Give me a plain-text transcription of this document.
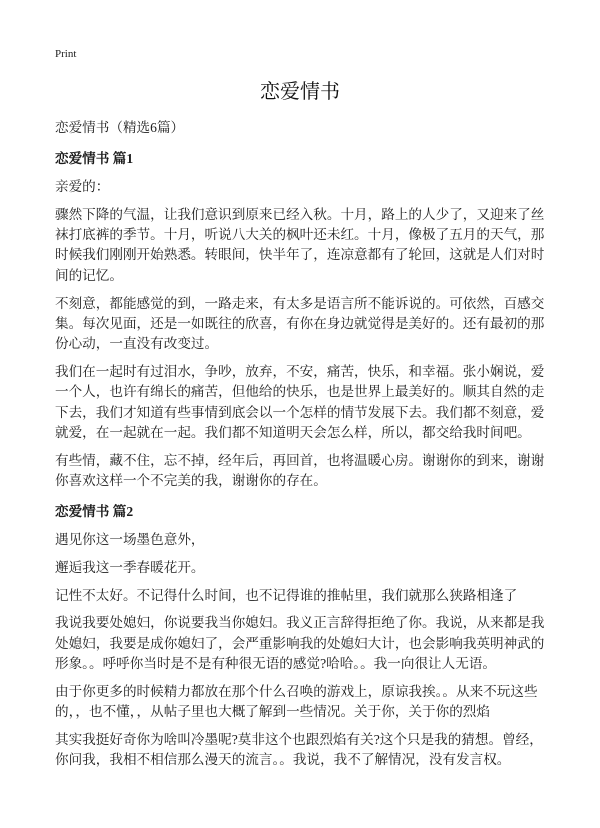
Print
恋爱情书
恋爱情书（精选6篇）
恋爱情书 篇1
亲爱的：
骤然下降的气温，让我们意识到原来已经入秋。十月，路上的人少了，又迎来了丝
袜打底裤的季节。十月，听说八大关的枫叶还未红。十月，像极了五月的天气，那
时候我们刚刚开始熟悉。转眼间，快半年了，连凉意都有了轮回，这就是人们对时
间的记忆。
不刻意，都能感觉的到，一路走来，有太多是语言所不能诉说的。可依然，百感交
集。每次见面，还是一如既往的欣喜，有你在身边就觉得是美好的。还有最初的那
份心动，一直没有改变过。
我们在一起时有过泪水，争吵，放弃，不安，痛苦，快乐，和幸福。张小娴说，爱
一个人，也许有绵长的痛苦，但他给的快乐，也是世界上最美好的。顺其自然的走
下去，我们才知道有些事情到底会以一个怎样的情节发展下去。我们都不刻意，爱
就爱，在一起就在一起。我们都不知道明天会怎么样，所以，都交给我时间吧。
有些情，藏不住，忘不掉，经年后，再回首，也将温暖心房。谢谢你的到来，谢谢
你喜欢这样一个不完美的我，谢谢你的存在。
恋爱情书 篇2
遇见你这一场墨色意外，
邂逅我这一季春暖花开。
记性不太好。不记得什么时间，也不记得谁的推帖里，我们就那么狭路相逢了
我说我要处媳妇，你说要我当你媳妇。我义正言辞得拒绝了你。我说，从来都是我
处媳妇，我要是成你媳妇了，会严重影响我的处媳妇大计，也会影响我英明神武的
形象。。呼呼你当时是不是有种很无语的感觉?哈哈。。我一向很让人无语。
由于你更多的时候精力都放在那个什么召唤的游戏上，原谅我挨。。从来不玩这些
的，，也不懂，，从帖子里也大概了解到一些情况。关于你，关于你的烈焰
其实我挺好奇你为啥叫冷墨呢?莫非这个也跟烈焰有关?这个只是我的猜想。曾经，
你问我，我相不相信那么漫天的流言。。我说，我不了解情况，没有发言权。
